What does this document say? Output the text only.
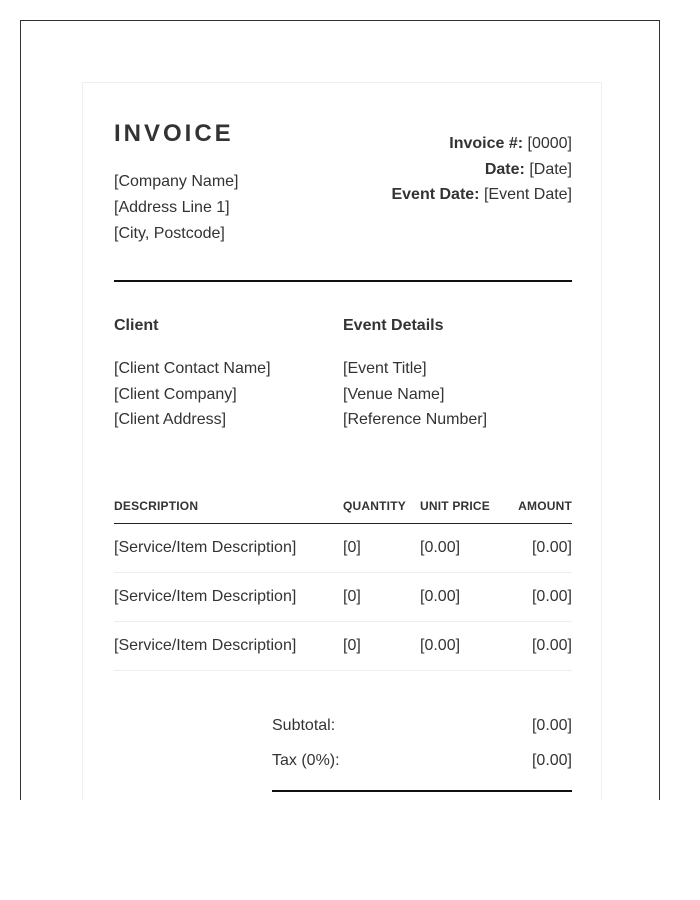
INVOICE
[Company Name]
[Address Line 1]
[City, Postcode]
Invoice #: [0000]
Date: [Date]
Event Date: [Event Date]
Client
[Client Contact Name]
[Client Company]
[Client Address]
Event Details
[Event Title]
[Venue Name]
[Reference Number]
DESCRIPTION	QUANTITY	UNIT PRICE	AMOUNT
[Service/Item Description]	[0]	[0.00]	[0.00]
[Service/Item Description]	[0]	[0.00]	[0.00]
[Service/Item Description]	[0]	[0.00]	[0.00]
Subtotal:	[0.00]
Tax (0%):	[0.00]
